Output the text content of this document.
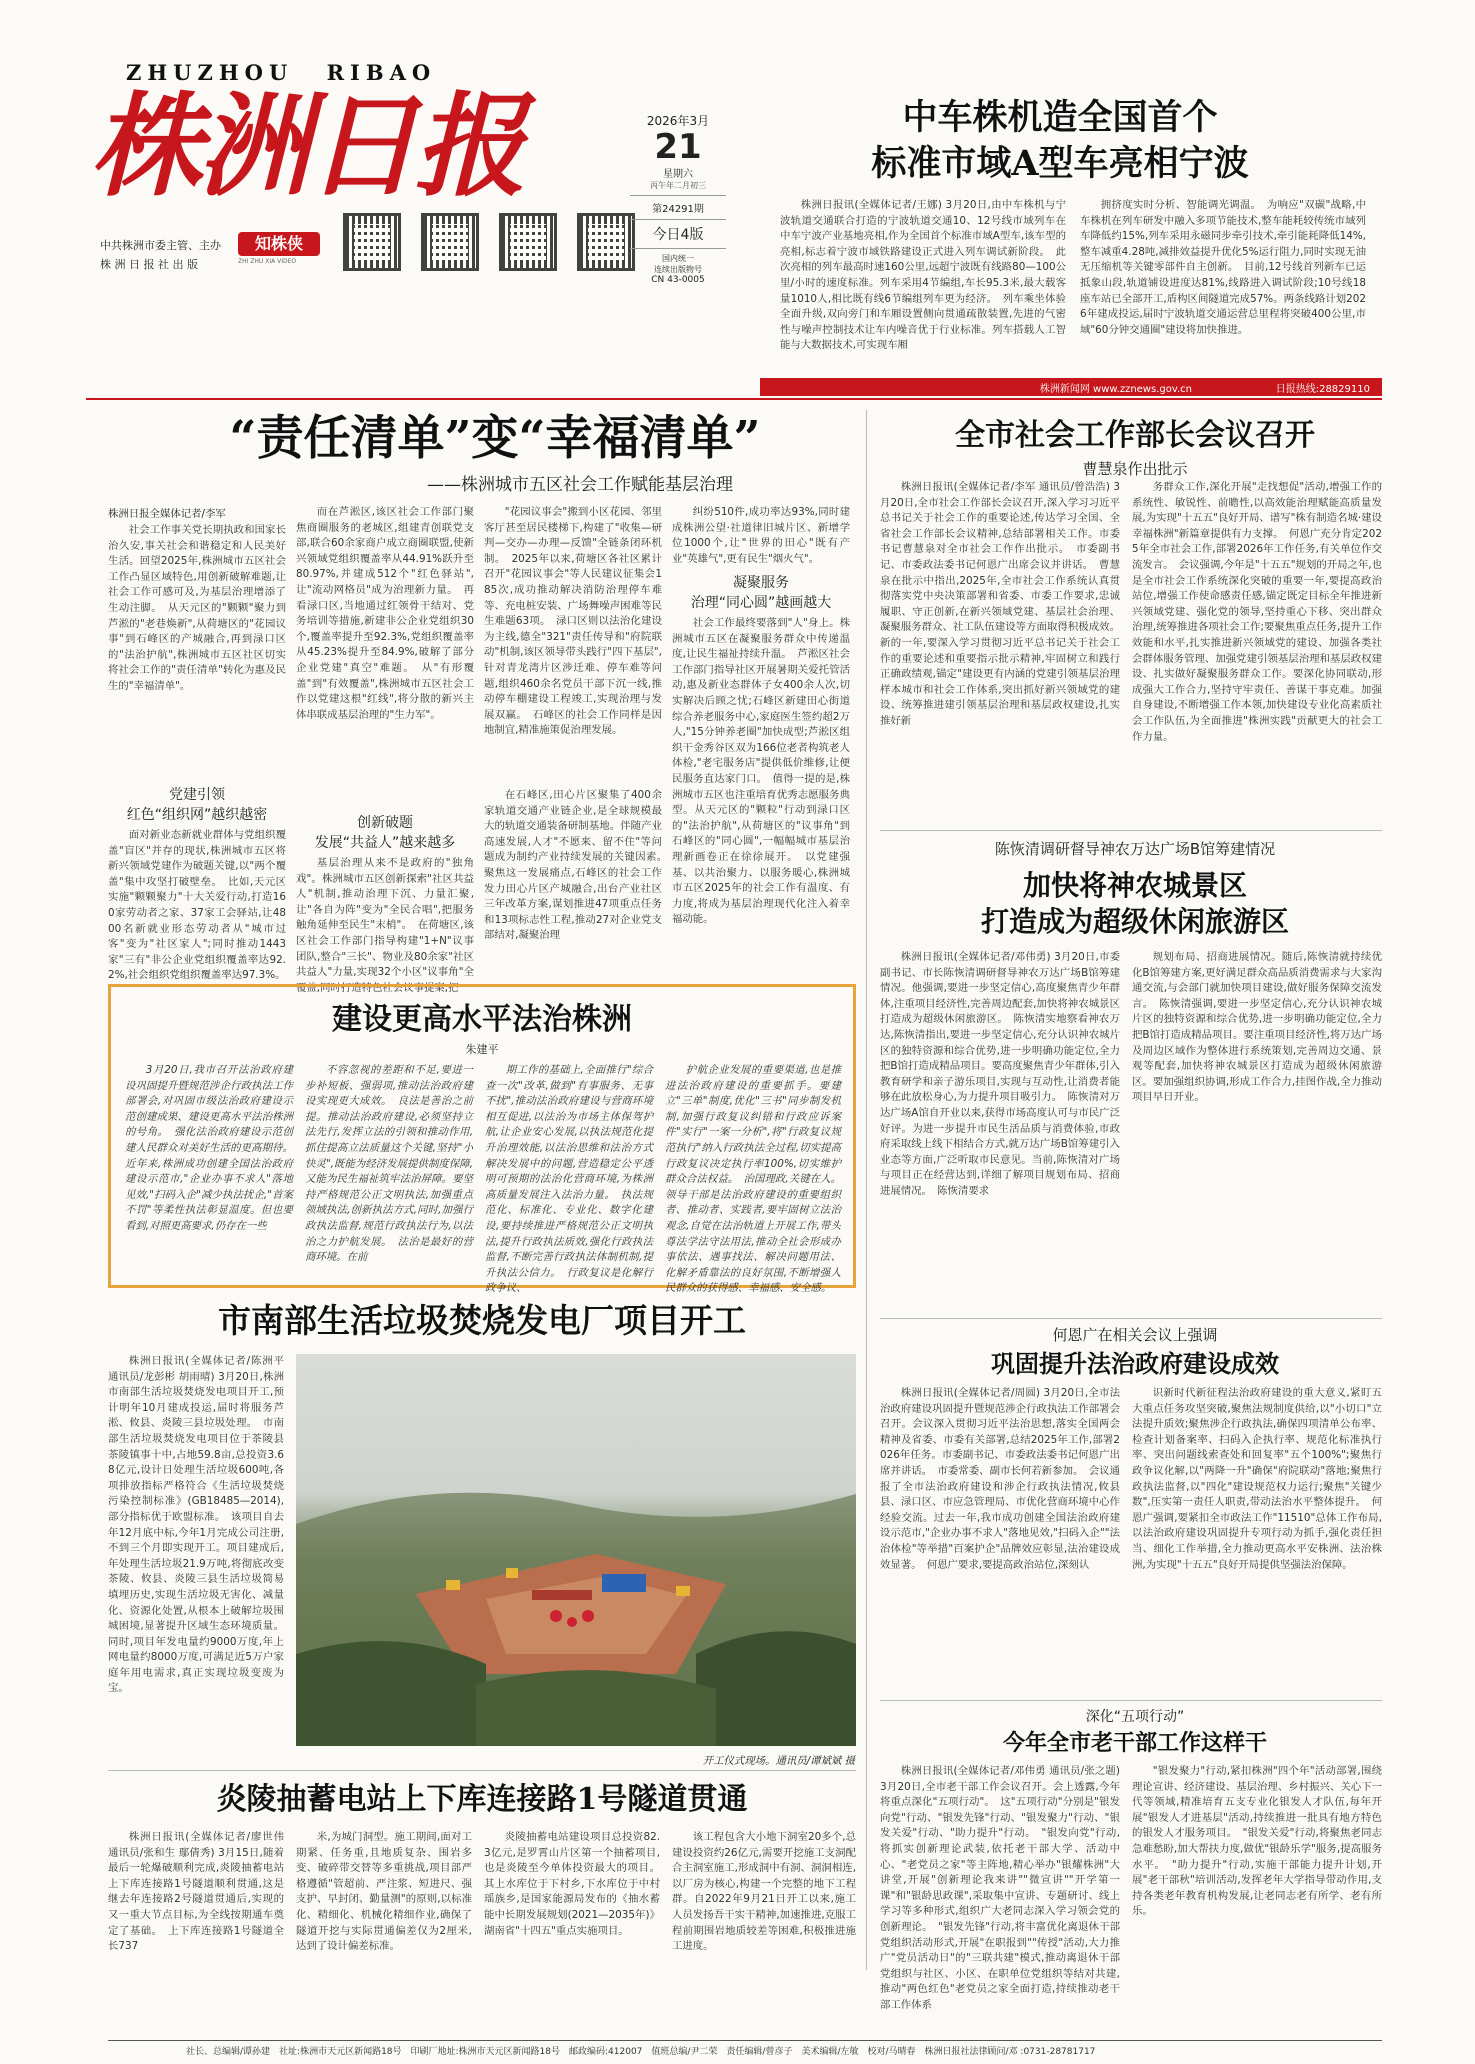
ZHUZHOU RIBAO
株洲日报
中共株洲市委主管、主办
株 洲 日 报 社 出 版
知株侠
ZHI ZHU XIA VIDEO
2026年3月
21
星期六
丙午年二月初三
第24291期
今日4版
国内统一
连续出版物号
CN 43-0005
中车株机造全国首个
标准市域A型车亮相宁波

株洲日报讯(全媒体记者/王娜) 3月20日,由中车株机与宁波轨道交通联合打造的宁波轨道交通10、12号线市域列车在中车宁波产业基地亮相,作为全国首个标准市域A型车,该车型的亮相,标志着宁波市域铁路建设正式进入列车调试新阶段。　此次亮相的列车最高时速160公里,远超宁波既有线路80—100公里/小时的速度标准。列车采用4节编组,车长95.3米,最大载客量1010人,相比既有线6节编组列车更为经济。　列车乘坐体验全面升级,双向旁门和车厢设置侧向贯通疏散装置,先进的气密性与噪声控制技术让车内噪音优于行业标准。列车搭载人工智能与大数据技术,可实现车厢

拥挤度实时分析、智能调光调温。　为响应"双碳"战略,中车株机在列车研发中融入多项节能技术,整车能耗较传统市域列车降低约15%,列车采用永磁同步牵引技术,牵引能耗降低14%,整车减重4.28吨,减排效益提升优化5%运行阻力,同时实现无油无压缩机等关键零部件自主创新。　目前,12号线首列新车已运抵象山段,轨道铺设进度达81%,线路进入调试阶段;10号线18座车站已全部开工,盾构区间隧道完成57%。两条线路计划2026年建成投运,届时宁波轨道交通运营总里程将突破400公里,市域"60分钟交通圈"建设将加快推进。

株洲新闻网 www.zznews.gov.cn	日报热线:28829110
“责任清单”变“幸福清单”
——株洲城市五区社会工作赋能基层治理
株洲日报全媒体记者/李军

社会工作事关党长期执政和国家长治久安,事关社会和谐稳定和人民美好生活。回望2025年,株洲城市五区社会工作凸显区域特色,用创新破解难题,让社会工作可感可及,为基层治理增添了生动注脚。　从天元区的"颗颗"聚力到芦淞的"老巷焕新",从荷塘区的"花园议事"到石峰区的产城融合,再到渌口区的"法治护航",株洲城市五区社区切实将社会工作的"责任清单"转化为惠及民生的"幸福清单"。

党建引领
红色“组织网”越织越密

面对新业态新就业群体与党组织覆盖"盲区"并存的现状,株洲城市五区将新兴领域党建作为破题关键,以"两个覆盖"集中攻坚打破壁垒。　比如,天元区实施"颗颗聚力"十大关爱行动,打造160家劳动者之家、37家工会驿站,让4800名新就业形态劳动者从"城市过客"变为"社区家人";同时推动1443家"三有"非公企业党组织覆盖率达92.2%,社会组织党组织覆盖率达97.3%。

而在芦淞区,该区社会工作部门聚焦商圈服务的老城区,组建青创联党支部,联合60余家商户成立商圈联盟,使新兴领域党组织覆盖率从44.91%跃升至80.97%,并建成512个"红色驿站",让"流动网格员"成为治理新力量。　再看渌口区,当地通过红领骨干结对、党务培训等措施,新建非公企业党组织30个,覆盖率提升至92.3%,党组织覆盖率从45.23%提升至84.9%,破解了部分企业党建"真空"难题。　从"有形覆盖"到"有效覆盖",株洲城市五区社会工作以党建这根"红线",将分散的新兴主体串联成基层治理的"生力军"。

创新破题
发展“共益人”越来越多

基层治理从来不是政府的"独角戏"。株洲城市五区创新探索"社区共益人"机制,推动治理下沉、力量汇聚,让"各自为阵"变为"全民合唱",把服务触角延伸至民生"末梢"。　在荷塘区,该区社会工作部门指导构建"1+N"议事团队,整合"三长"、物业及80余家"社区共益人"力量,实现32个小区"议事角"全覆盖,同时打造特色社会议事提案,把

"花园议事会"搬到小区花园、邻里客厅甚至居民楼梯下,构建了"收集—研判—交办—办理—反馈"全链条闭环机制。　2025年以来,荷塘区各社区累计召开"花园议事会"等人民建议征集会185次,成功推动解决消防治理停车难等、充电桩安装、广场舞噪声困难等民生难题63项。　渌口区则以法治化建设为主线,德全"321"责任传导和"府院联动"机制,该区领导带头践行"四下基层",针对青龙湾片区涉迁难、停车难等问题,组织460余名党员干部下沉一线,推动停车棚建设工程竣工,实现治理与发展双赢。　石峰区的社会工作同样是因地制宜,精准施策促治理发展。

在石峰区,田心片区聚集了400余家轨道交通产业链企业,是全球规模最大的轨道交通装备研制基地。伴随产业高速发展,人才"不愿来、留不住"等问题成为制约产业持续发展的关键因素。　聚焦这一发展痛点,石峰区的社会工作发力田心片区产城融合,出台产业社区三年改革方案,谋划推进47项重点任务和13项标志性工程,推动27对企业党支部结对,凝聚治理

纠纷510件,成功率达93%,同时建成株洲公望·社道律旧城片区、新增学位1000个,让"世界的田心"既有产业"英雄气",更有民生"烟火气"。

凝聚服务
治理“同心圆”越画越大

社会工作最终要落到"人"身上。株洲城市五区在凝聚服务群众中传递温度,让民生福祉持续升温。　芦淞区社会工作部门指导社区开展暑期关爱托管活动,惠及新业态群体子女400余人次,切实解决后顾之忧;石峰区新建田心街道综合养老服务中心,家庭医生签约超2万人,"15分钟养老圈"加快成型;芦淞区组织干金秀谷区双为166位老者构筑老人体检,"老宅服务店"提供低价维修,让便民服务直达家门口。　值得一提的是,株洲城市五区也注重培育优秀志愿服务典型。从天元区的"颗粒"行动到渌口区的"法治护航",从荷塘区的"议事角"到石峰区的"同心圆",一幅幅城市基层治理新画卷正在徐徐展开。　以党建强基、以共治聚力、以服务暖心,株洲城市五区2025年的社会工作有温度、有力度,将成为基层治理现代化注入着幸福动能。

全市社会工作部长会议召开
曹慧泉作出批示

株洲日报讯(全媒体记者/李军 通讯员/曾浩浩) 3月20日,全市社会工作部长会议召开,深入学习习近平总书记关于社会工作的重要论述,传达学习全国、全省社会工作部长会议精神,总结部署相关工作。市委书记曹慧泉对全市社会工作作出批示。　市委副书记、市委政法委书记何恩广出席会议并讲话。　曹慧泉在批示中指出,2025年,全市社会工作系统认真贯彻落实党中央决策部署和省委、市委工作要求,忠诚履职、守正创新,在新兴领域党建、基层社会治理、凝聚服务群众、社工队伍建设等方面取得积极成效。新的一年,要深入学习贯彻习近平总书记关于社会工作的重要论述和重要指示批示精神,牢固树立和践行正确政绩观,锚定"建设更有内涵的党建引领基层治理样本城市和社会工作体系,突出抓好新兴领域党的建设、统筹推进建引领基层治理和基层政权建设,扎实推好新

务群众工作,深化开展"走找想促"活动,增强工作的系统性、敏锐性、前瞻性,以高效能治理赋能高质量发展,为实现"十五五"良好开局、谱写"株有制造名城·建设幸福株洲"新篇章提供有力支撑。　何恩广充分肯定2025年全市社会工作,部署2026年工作任务,有关单位作交流发言。　会议强调,今年是"十五五"规划的开局之年,也是全市社会工作系统深化突破的重要一年,要提高政治站位,增强工作使命感责任感,锚定既定目标全年推进新兴领域党建、强化党的领导,坚持重心下移、突出群众治理,统筹推进各项社会工作;要聚焦重点任务,提升工作效能和水平,扎实推进新兴领域党的建设、加强各类社会群体服务管理、加强党建引领基层治理和基层政权建设、扎实做好凝聚服务群众工作。要深化协同联动,形成强大工作合力,坚持守牢责任、善谋干事克难。加强自身建设,不断增强工作本领,加快建设专业化高素质社会工作队伍,为全面推进"株洲实践"贡献更大的社会工作力量。

陈恢清调研督导神农万达广场B馆筹建情况
加快将神农城景区
打造成为超级休闲旅游区

株洲日报讯(全媒体记者/邓伟勇) 3月20日,市委副书记、市长陈恢清调研督导神农万达广场B馆筹建情况。他强调,要进一步坚定信心,高度聚焦青少年群体,注重项目经济性,完善周边配套,加快将神农城景区打造成为超级休闲旅游区。　陈恢清实地察看神农万达,陈恢清指出,要进一步坚定信心,充分认识神农城片区的独特资源和综合优势,进一步明确功能定位,全力把B馆打造成精品项目。要高度聚焦青少年群体,引入教育研学和亲子游乐项目,实现与互动性,让消费者能够在此放松身心,为力提升项目吸引力。　陈恢清对万达广场A馆自开业以来,获得市场高度认可与市民广泛好评。为进一步提升市民生活品质与消费体验,市政府采取线上线下相结合方式,就万达广场B馆筹建引入业态等方面,广泛听取市民意见。当前,陈恢清对广场与项目正在经营达到,详细了解项目规划布局、招商进展情况。　陈恢清要求

规划布局、招商进展情况。随后,陈恢清就持续优化B馆筹建方案,更好满足群众高品质消费需求与大家沟通交流,与会部门就加快项目建设,做好服务保障交流发言。　陈恢清强调,要进一步坚定信心,充分认识神农城片区的独特资源和综合优势,进一步明确功能定位,全力把B馆打造成精品项目。要注重项目经济性,将万达广场及周边区域作为整体进行系统策划,完善周边交通、景观等配套,加快将神农城景区打造成为超级休闲旅游区。要加强组织协调,形成工作合力,挂图作战,全力推动项目早日开业。

建设更高水平法治株洲
朱建平

3月20日,我市召开法治政府建设巩固提升暨规范涉企行政执法工作部署会,对巩固市级法治政府建设示范创建成果、建设更高水平法治株洲的号角。　强化法治政府建设示范创建人民群众对美好生活的更高期待。近年来,株洲成功创建全国法治政府建设示范市,"企业办事不求人"落地见效,"扫码入企"减少执法扰企,"首案不罚"等柔性执法彰显温度。但也要看到,对照更高要求,仍存在一些

不容忽视的差距和不足,要进一步补短板、强弱项,推动法治政府建设实现更大成效。　良法是善治之前提。推动法治政府建设,必须坚持立法先行,发挥立法的引领和推动作用,抓住提高立法质量这个关键,坚持"小快灵",既能为经济发展提供制度保障,又能为民生福祉筑牢法治屏障。要坚持严格规范公正文明执法,加强重点领域执法,创新执法方式,同时,加强行政执法监督,规范行政执法行为,以法治之力护航发展。　法治是最好的营商环境。在前

期工作的基础上,全面推行"综合查一次"改革,做到"有事服务、无事不扰",推动法治政府建设与营商环境相互促进,以法治为市场主体保驾护航,让企业安心发展,以执法规范化提升治理效能,以法治思维和法治方式解决发展中的问题,营造稳定公平透明可预期的法治化营商环境,为株洲高质量发展注入法治力量。　执法规范化、标准化、专业化、数字化建设,要持续推进严格规范公正文明执法,提升行政执法质效,强化行政执法监督,不断完善行政执法体制机制,提升执法公信力。　行政复议是化解行政争议、

护航企业发展的重要渠道,也是推进法治政府建设的重要抓手。要建立"三单"制度,优化"三书"同步制发机制,加强行政复议纠错和行政应诉案件"实行"一案一分析",将"行政复议规范执行"纳入行政执法全过程,切实提高行政复议决定执行率100%,切实维护群众合法权益。　治国理政,关键在人。领导干部是法治政府建设的重要组织者、推动者、实践者,要牢固树立法治观念,自觉在法治轨道上开展工作,带头尊法学法守法用法,推动全社会形成办事依法、遇事找法、解决问题用法、化解矛盾靠法的良好氛围,不断增强人民群众的获得感、幸福感、安全感。

市南部生活垃圾焚烧发电厂项目开工

株洲日报讯(全媒体记者/陈洲平 通讯员/龙彭彬 胡雨晴) 3月20日,株洲市南部生活垃圾焚烧发电项目开工,预计明年10月建成投运,届时将服务芦淞、攸县、炎陵三县垃圾处理。　市南部生活垃圾焚烧发电项目位于茶陵县茶陵镇事十中,占地59.8亩,总投资3.68亿元,设计日处理生活垃圾600吨,各项排放指标严格符合《生活垃圾焚烧污染控制标准》(GB18485—2014),部分指标优于欧盟标准。　该项目自去年12月底中标,今年1月完成公司注册,不到三个月即实现开工。项目建成后,年处理生活垃圾21.9万吨,将彻底改变茶陵、攸县、炎陵三县生活垃圾简易填埋历史,实现生活垃圾无害化、减量化、资源化处置,从根本上破解垃圾围城困境,显著提升区域生态环境质量。同时,项目年发电量约9000万度,年上网电量约8000万度,可满足近5万户家庭年用电需求,真正实现垃圾变废为宝。

开工仪式现场。通讯员/谭斌斌 摄
何恩广在相关会议上强调
巩固提升法治政府建设成效

株洲日报讯(全媒体记者/周圆) 3月20日,全市法治政府建设巩固提升暨规范涉企行政执法工作部署会召开。会议深入贯彻习近平法治思想,落实全国两会精神及省委、市委有关部署,总结2025年工作,部署2026年任务。市委副书记、市委政法委书记何恩广出席并讲话。　市委常委、副市长何若新参加。　会议通报了全市法治政府建设和涉企行政执法情况,攸县县、渌口区、市应急管理局、市优化营商环境中心作经验交流。过去一年,我市成功创建全国法治政府建设示范市,"企业办事不求人"落地见效,"扫码入企""法治体检"等举措"百案护企"品牌效应彰显,法治建设成效显著。　何恩广要求,要提高政治站位,深刻认

识新时代新征程法治政府建设的重大意义,紧盯五大重点任务攻坚突破,聚焦法规制度供给,以"小切口"立法提升质效;聚焦涉企行政执法,确保四项清单公布率、检查计划备案率、扫码入企执行率、规范化标准执行率、突出问题线索查处和回复率"五个100%";聚焦行政争议化解,以"两降一升"确保"府院联动"落地;聚焦行政执法监督,以"四化"建设规范权力运行;聚焦"关键少数",压实第一责任人职责,带动法治水平整体提升。　何恩广强调,要紧扣全市政法工作"11510"总体工作布局,以法治政府建设巩固提升专项行动为抓手,强化责任担当、细化工作举措,全力推动更高水平安株洲、法治株洲,为实现"十五五"良好开局提供坚强法治保障。

深化“五项行动”
今年全市老干部工作这样干

株洲日报讯(全媒体记者/邓伟勇 通讯员/张之题) 3月20日,全市老干部工作会议召开。会上透露,今年将重点深化"五项行动"。　这"五项行动"分别是"银发向党"行动、"银发先锋"行动、"银发聚力"行动、"银发关爱"行动、"助力提升"行动。　"银发向党"行动,将抓实创新理论武装,依托老干部大学、活动中心、"老党员之家"等主阵地,精心举办"银耀株洲"大讲堂,开展"创新理论我来讲""微宣讲""开学第一课"和"银龄思政课",采取集中宣讲、专题研讨、线上学习等多种形式,组织广大老同志深入学习领会党的创新理论。　"银发先锋"行动,将丰富优化离退休干部党组织活动形式,开展"在职报到""传授"活动,大力推广"党员活动日"的"三联共建"模式,推动离退休干部党组织与社区、小区、在职单位党组织等结对共建,推动"两色红色"老党员之家全面打造,持续推动老干部工作体系

"银发聚力"行动,紧扣株洲"四个年"活动部署,围绕理论宣讲、经济建设、基层治理、乡村振兴、关心下一代等领域,精准培育五支专业化银发人才队伍,每年开展"银发人才进基层"活动,持续推进一批具有地方特色的银发人才服务项目。　"银发关爱"行动,将聚焦老同志急难愁盼,加大帮扶力度,做优"银龄乐学"服务,提高服务水平。　"助力提升"行动,实施干部能力提升计划,开展"老干部秋"培训活动,发挥老年大学指导带动作用,支持各类老年教育机构发展,让老同志老有所学、老有所乐。

炎陵抽蓄电站上下库连接路1号隧道贯通

株洲日报讯(全媒体记者/廖世伟 通讯员/张和生 鄢倩秀) 3月15日,随着最后一轮爆破顺利完成,炎陵抽蓄电站上下库连接路1号隧道顺利贯通,这是继去年连接路2号隧道贯通后,实现的又一重大节点目标,为全线按期通车奠定了基础。　上下库连接路1号隧道全长737

米,为城门洞型。施工期间,面对工期紧、任务重,且地质复杂、围岩多变、破碎带交替等多重挑战,项目部严格遵循"管超前、严注浆、短进尺、强支护、早封闭、勤量测"的原则,以标准化、精细化、机械化精细作业,确保了隧道开挖与实际贯通偏差仅为2厘米,达到了设计偏差标准。

炎陵抽蓄电站建设项目总投资82.3亿元,是罗霄山片区第一个抽蓄项目,也是炎陵至今单体投资最大的项目。其上水库位于下村乡,下水库位于中村瑶族乡,是国家能源局发布的《抽水蓄能中长期发展规划(2021—2035年)》湖南省"十四五"重点实施项目。

该工程包含大小地下洞室20多个,总建设投资约26亿元,需要开挖施工支洞配合主洞室施工,形成洞中有洞、洞洞相连,以厂房为核心,构建一个完整的地下工程群。自2022年9月21日开工以来,施工人员发扬吾干实干精神,加速推进,克服工程前期围岩地质较差等困难,积极推进施工进度。

社长、总编辑/谭孙建　社址:株洲市天元区新闻路18号　印刷厂地址:株洲市天元区新闻路18号　邮政编码:412007　值班总编/尹二荣　责任编辑/曾彦子　美术编辑/左敏　校对/马晴春　株洲日报社法律顾问/邓 :0731-28781717
